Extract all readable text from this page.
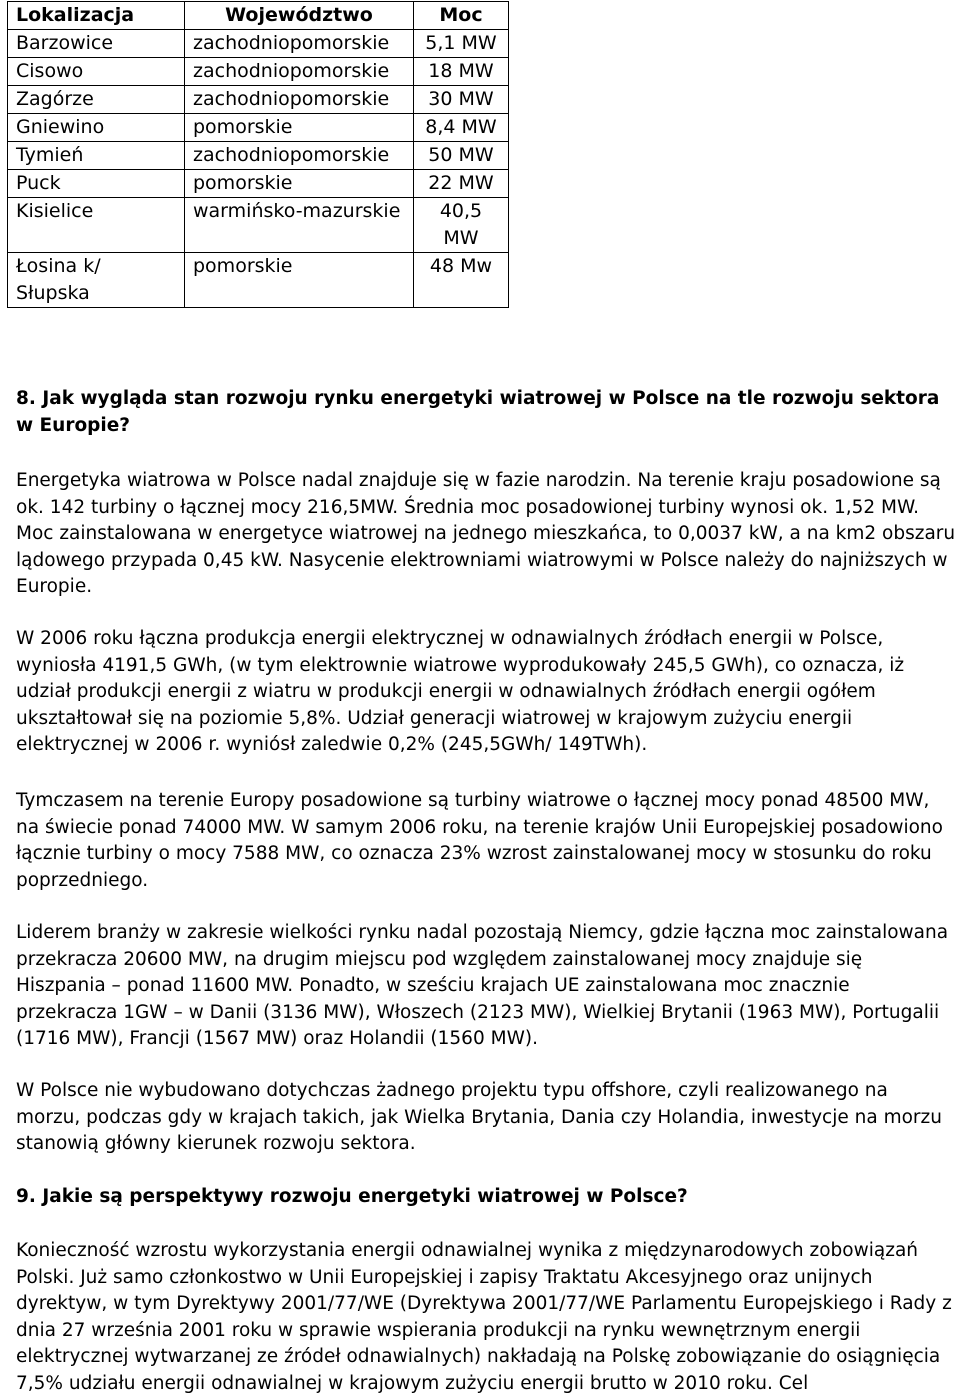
Lokalizacja	Województwo	Moc
Barzowice	zachodniopomorskie	5,1 MW
Cisowo	zachodniopomorskie	18 MW
Zagórze	zachodniopomorskie	30 MW
Gniewino	pomorskie	8,4 MW
Tymień	zachodniopomorskie	50 MW
Puck	pomorskie	22 MW
Kisielice	warmińsko-mazurskie	40,5 MW
Łosina k/ Słupska	pomorskie	48 Mw

8. Jak wygląda stan rozwoju rynku energetyki wiatrowej w Polsce na tle rozwoju sektora w Europie?

Energetyka wiatrowa w Polsce nadal znajduje się w fazie narodzin. Na terenie kraju posadowione są ok. 142 turbiny o łącznej mocy 216,5MW. Średnia moc posadowionej turbiny wynosi ok. 1,52 MW. Moc zainstalowana w energetyce wiatrowej na jednego mieszkańca, to 0,0037 kW, a na km2 obszaru lądowego przypada 0,45 kW. Nasycenie elektrowniami wiatrowymi w Polsce należy do najniższych w Europie.

W 2006 roku łączna produkcja energii elektrycznej w odnawialnych źródłach energii w Polsce, wyniosła 4191,5 GWh, (w tym elektrownie wiatrowe wyprodukowały 245,5 GWh), co oznacza, iż udział produkcji energii z wiatru w produkcji energii w odnawialnych źródłach energii ogółem ukształtował się na poziomie 5,8%. Udział generacji wiatrowej w krajowym zużyciu energii elektrycznej w 2006 r. wyniósł zaledwie 0,2% (245,5GWh/ 149TWh).

Tymczasem na terenie Europy posadowione są turbiny wiatrowe o łącznej mocy ponad 48500 MW, na świecie ponad 74000 MW. W samym 2006 roku, na terenie krajów Unii Europejskiej posadowiono łącznie turbiny o mocy 7588 MW, co oznacza 23% wzrost zainstalowanej mocy w stosunku do roku poprzedniego.

Liderem branży w zakresie wielkości rynku nadal pozostają Niemcy, gdzie łączna moc zainstalowana przekracza 20600 MW, na drugim miejscu pod względem zainstalowanej mocy znajduje się Hiszpania – ponad 11600 MW. Ponadto, w sześciu krajach UE zainstalowana moc znacznie przekracza 1GW – w Danii (3136 MW), Włoszech (2123 MW), Wielkiej Brytanii (1963 MW), Portugalii (1716 MW), Francji (1567 MW) oraz Holandii (1560 MW).

W Polsce nie wybudowano dotychczas żadnego projektu typu offshore, czyli realizowanego na morzu, podczas gdy w krajach takich, jak Wielka Brytania, Dania czy Holandia, inwestycje na morzu stanowią główny kierunek rozwoju sektora.

9. Jakie są perspektywy rozwoju energetyki wiatrowej w Polsce?

Konieczność wzrostu wykorzystania energii odnawialnej wynika z międzynarodowych zobowiązań Polski. Już samo członkostwo w Unii Europejskiej i zapisy Traktatu Akcesyjnego oraz unijnych dyrektyw, w tym Dyrektywy 2001/77/WE (Dyrektywa 2001/77/WE Parlamentu Europejskiego i Rady z dnia 27 września 2001 roku w sprawie wspierania produkcji na rynku wewnętrznym energii elektrycznej wytwarzanej ze źródeł odnawialnych) nakładają na Polskę zobowiązanie do osiągnięcia 7,5% udziału energii odnawialnej w krajowym zużyciu energii brutto w 2010 roku. Cel
